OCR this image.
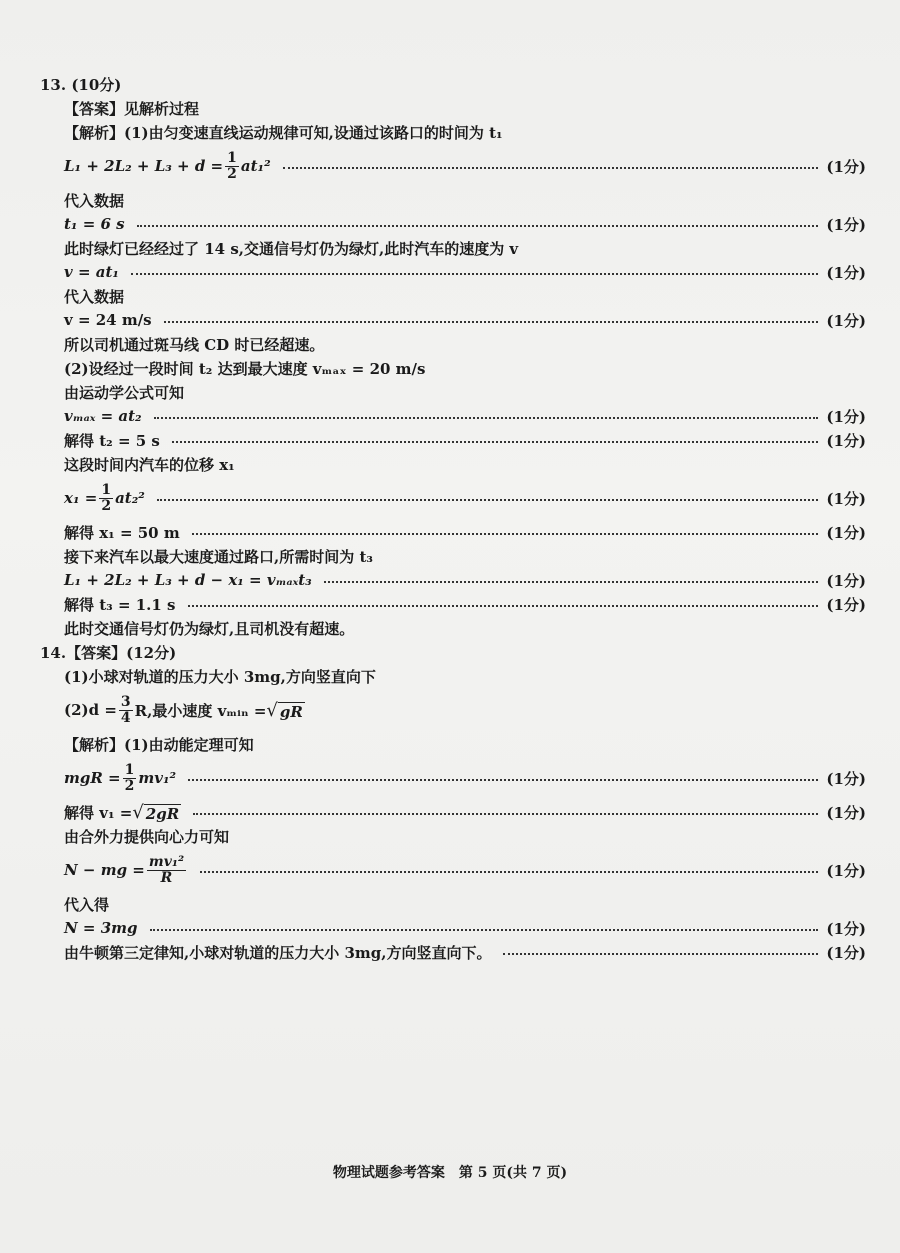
13. (10分)
【答案】见解析过程
【解析】(1)由匀变速直线运动规律可知,设通过该路口的时间为 t₁
$L_1 + 2L_2 + L_3 + d = \frac{1}{2} at_1^2$	(1分)
代入数据
t₁ = 6 s	(1分)
此时绿灯已经经过了 14 s,交通信号灯仍为绿灯,此时汽车的速度为 v
v = at₁	(1分)
代入数据
v = 24 m/s	(1分)
所以司机通过斑马线 CD 时已经超速。
(2)设经过一段时间 t₂ 达到最大速度 vₘₐₓ = 20 m/s
由运动学公式可知
vₘₐₓ = at₂	(1分)
解得 t₂ = 5 s	(1分)
这段时间内汽车的位移 x₁
$x_1 = \frac{1}{2} at_2^2$	(1分)
解得 x₁ = 50 m	(1分)
接下来汽车以最大速度通过路口,所需时间为 t₃
L₁ + 2L₂ + L₃ + d − x₁ = vₘₐₓt₃	(1分)
解得 t₃ = 1.1 s	(1分)
此时交通信号灯仍为绿灯,且司机没有超速。
14.【答案】(12分)
(1)小球对轨道的压力大小 3mg,方向竖直向下
$(2)d = \frac{3}{4} R$,最小速度 vₘᵢₙ = √ gR
【解析】(1)由动能定理可知
mgR = $\frac{1}{2} mv_1^2$	(1分)
解得 v₁ = √ 2gR	(1分)
由合外力提供向心力可知
N − mg = $\frac{\text{mv₁²}}{R}$	(1分)
代入得
N = 3mg	(1分)
由牛顿第三定律知,小球对轨道的压力大小 3mg,方向竖直向下。	(1分)
物理试题参考答案　第 5 页(共 7 页)
